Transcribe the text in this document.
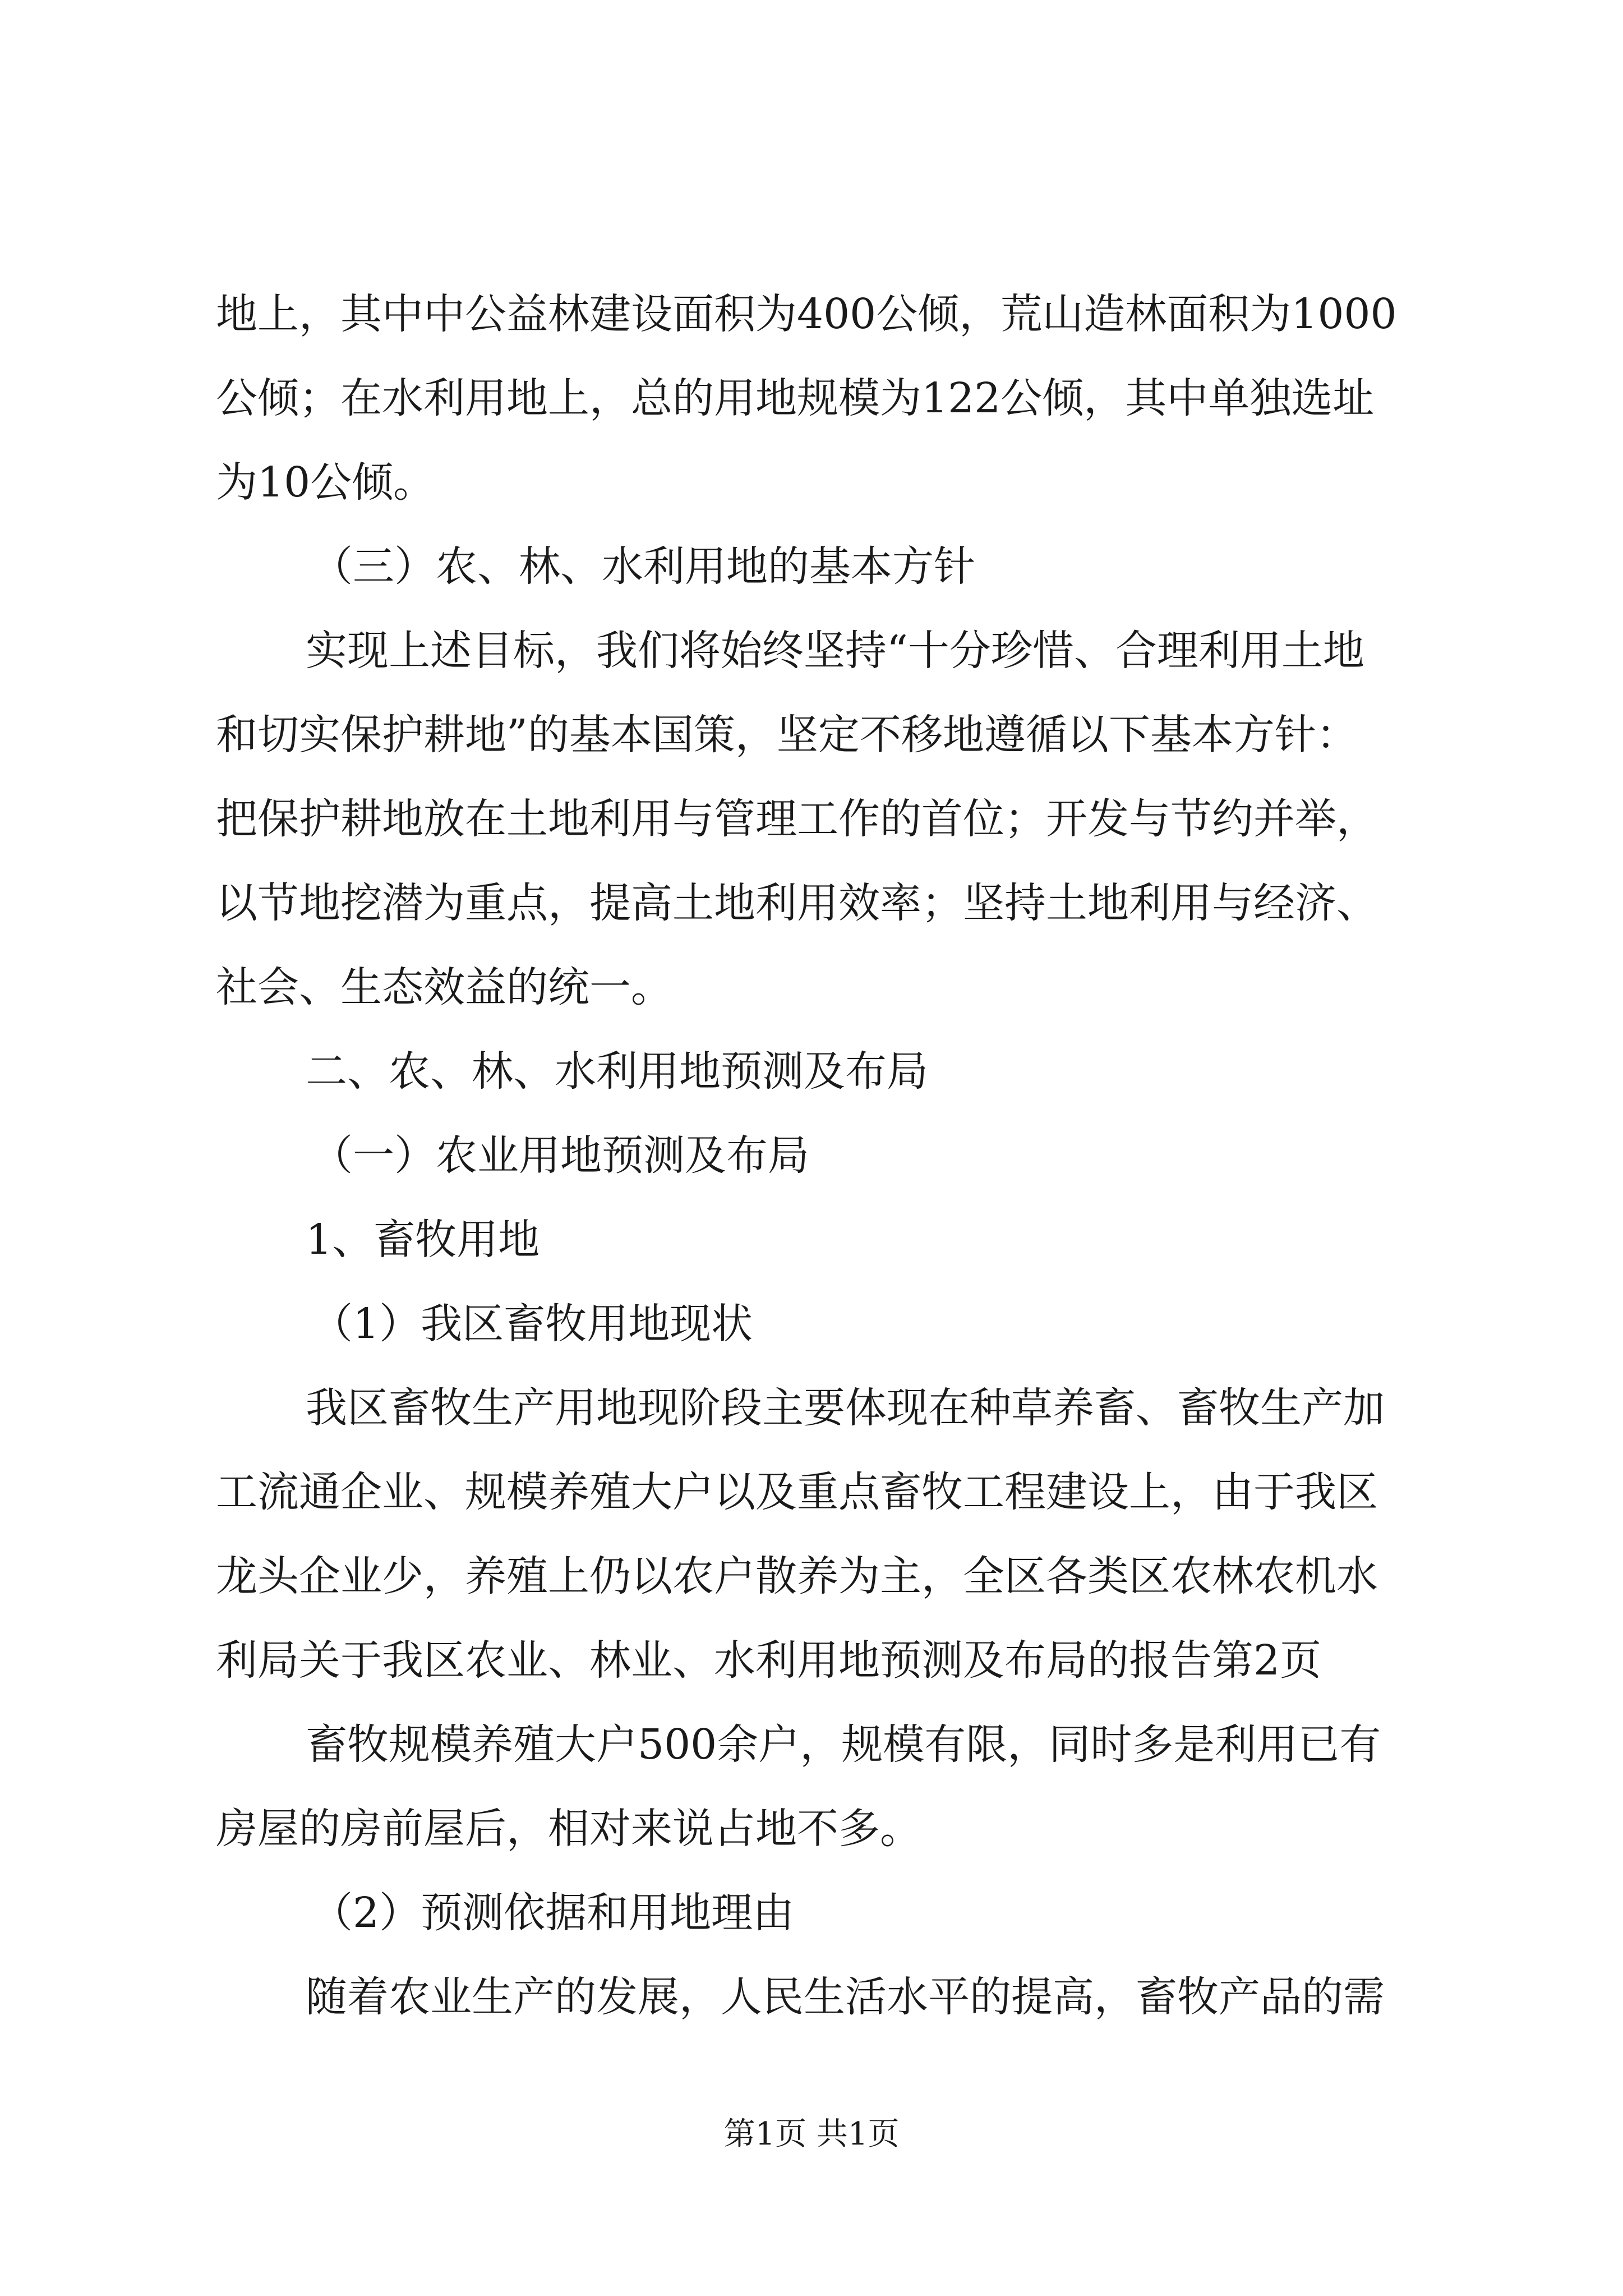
地上，其中中公益林建设面积为400公倾，荒山造林面积为1000
公倾；在水利用地上，总的用地规模为122公倾，其中单独选址
为10公倾。
（三）农、林、水利用地的基本方针
实现上述目标，我们将始终坚持“十分珍惜、合理利用土地
和切实保护耕地”的基本国策，坚定不移地遵循以下基本方针：
把保护耕地放在土地利用与管理工作的首位；开发与节约并举，
以节地挖潜为重点，提高土地利用效率；坚持土地利用与经济、
社会、生态效益的统一。
二、农、林、水利用地预测及布局
（一）农业用地预测及布局
1、畜牧用地
（1）我区畜牧用地现状
我区畜牧生产用地现阶段主要体现在种草养畜、畜牧生产加
工流通企业、规模养殖大户以及重点畜牧工程建设上，由于我区
龙头企业少，养殖上仍以农户散养为主，全区各类区农林农机水
利局关于我区农业、林业、水利用地预测及布局的报告第2页
畜牧规模养殖大户500余户，规模有限，同时多是利用已有
房屋的房前屋后，相对来说占地不多。
（2）预测依据和用地理由
随着农业生产的发展，人民生活水平的提高，畜牧产品的需
第1页 共1页
